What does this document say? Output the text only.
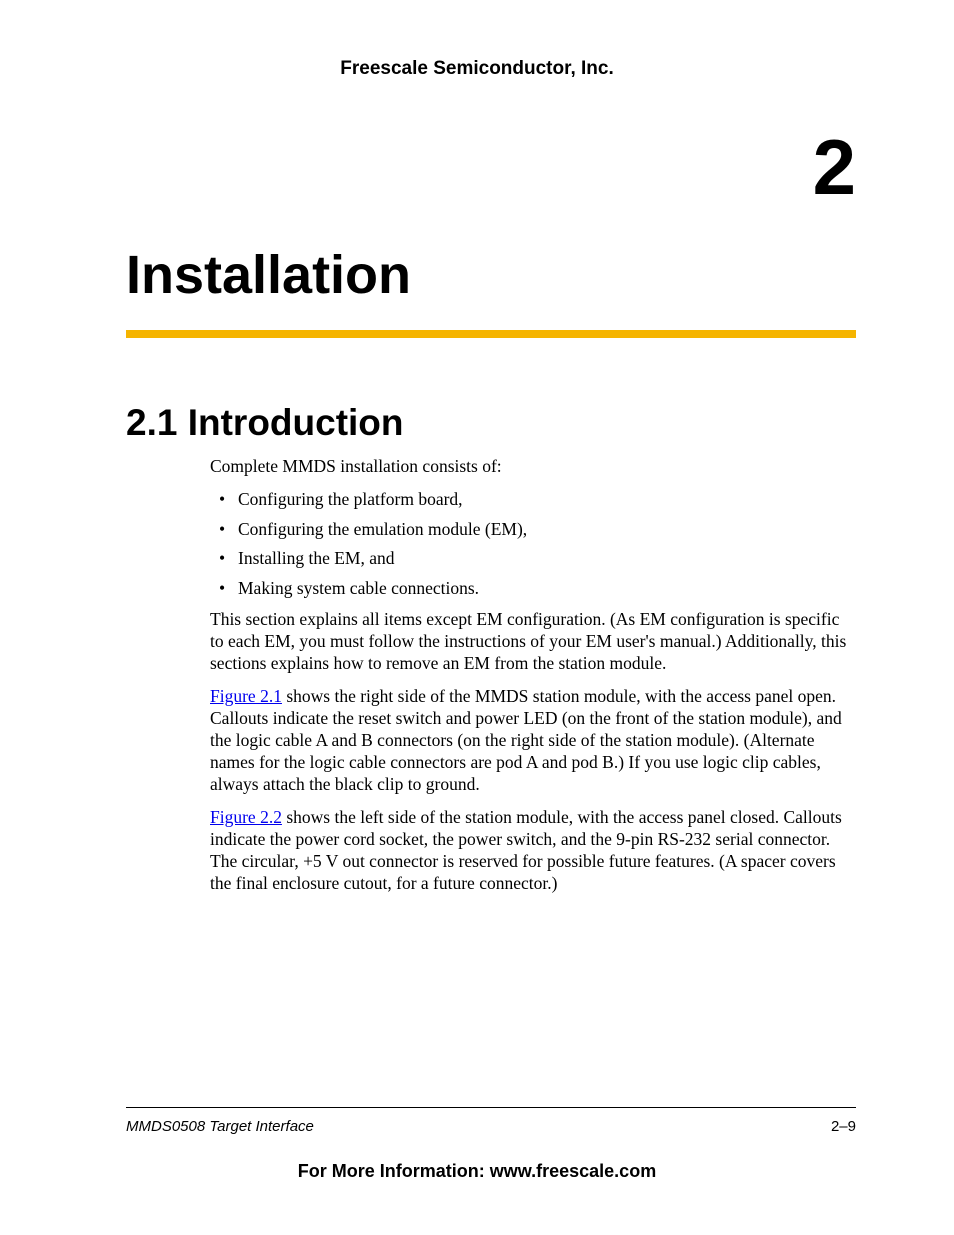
Freescale Semiconductor, Inc.
2
Installation
2.1 Introduction

Complete MMDS installation consists of:

• Configuring the platform board,
• Configuring the emulation module (EM),
• Installing the EM, and
• Making system cable connections.

This section explains all items except EM configuration. (As EM configuration is specific to each EM, you must follow the instructions of your EM user's manual.) Additionally, this sections explains how to remove an EM from the station module.

Figure 2.1 shows the right side of the MMDS station module, with the access panel open. Callouts indicate the reset switch and power LED (on the front of the station module), and the logic cable A and B connectors (on the right side of the station module). (Alternate names for the logic cable connectors are pod A and pod B.) If you use logic clip cables, always attach the black clip to ground.

Figure 2.2 shows the left side of the station module, with the access panel closed. Callouts indicate the power cord socket, the power switch, and the 9-pin RS-232 serial connector. The circular, +5 V out connector is reserved for possible future features. (A spacer covers the final enclosure cutout, for a future connector.)

MMDS0508 Target Interface	2–9
For More Information: www.freescale.com
